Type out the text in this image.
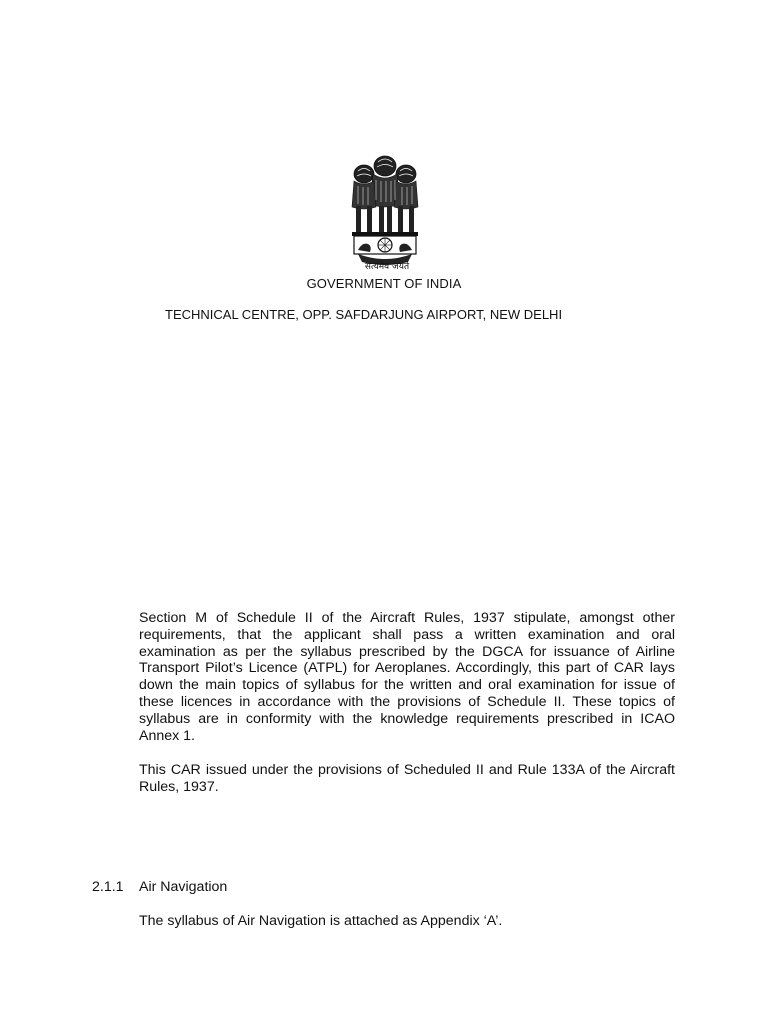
सत्यमेव जयते
GOVERNMENT OF INDIA
TECHNICAL CENTRE, OPP. SAFDARJUNG AIRPORT, NEW DELHI

Section M of Schedule II of the Aircraft Rules, 1937 stipulate, amongst other requirements, that the applicant shall pass a written examination and oral examination as per the syllabus prescribed by the DGCA for issuance of Airline Transport Pilot’s Licence (ATPL) for Aeroplanes. Accordingly, this part of CAR lays down the main topics of syllabus for the written and oral examination for issue of these licences in accordance with the provisions of Schedule II. These topics of syllabus are in conformity with the knowledge requirements prescribed in ICAO Annex 1.

This CAR issued under the provisions of Scheduled II and Rule 133A of the Aircraft Rules, 1937.

2.1.1 Air Navigation
The syllabus of Air Navigation is attached as Appendix ‘A’.
